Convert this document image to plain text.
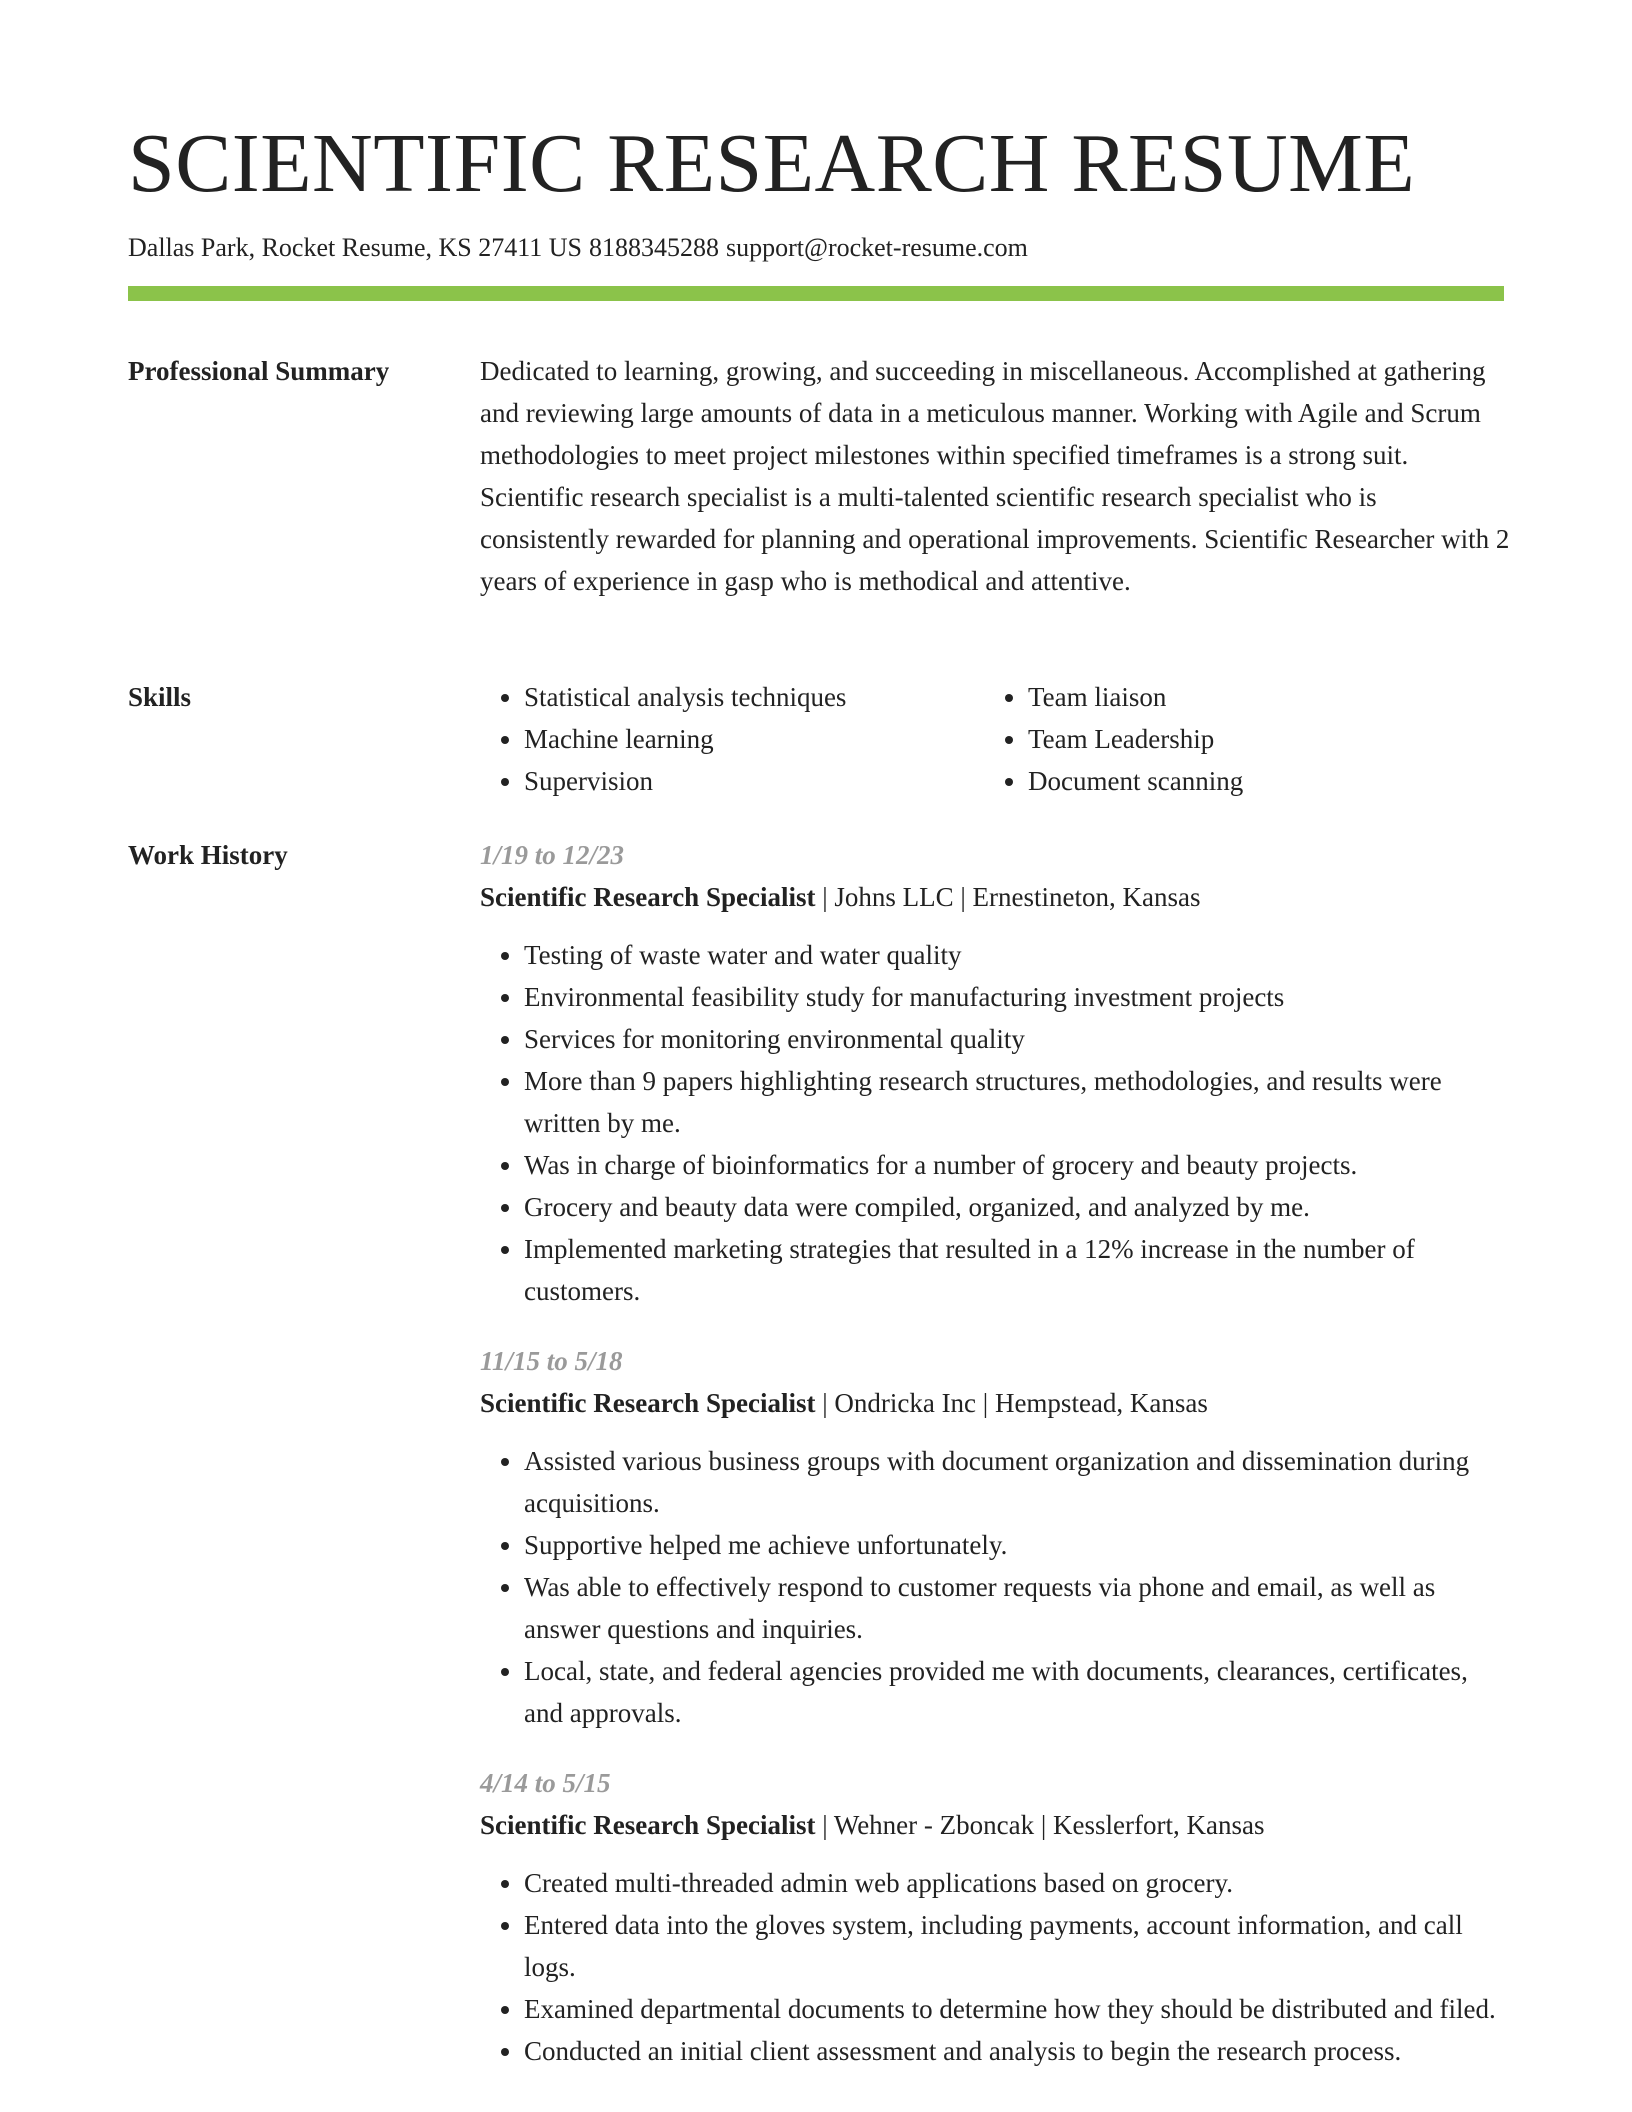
SCIENTIFIC RESEARCH RESUME
Dallas Park, Rocket Resume, KS 27411 US 8188345288 support@rocket-resume.com
Professional Summary	Dedicated to learning, growing, and succeeding in miscellaneous. Accomplished at gathering and reviewing large amounts of data in a meticulous manner. Working with Agile and Scrum methodologies to meet project milestones within specified timeframes is a strong suit. Scientific research specialist is a multi-talented scientific research specialist who is consistently rewarded for planning and operational improvements. Scientific Researcher with 2 years of experience in gasp who is methodical and attentive.

Skills
•	Statistical analysis techniques
• Machine learning
• Supervision
• Team liaison
• Team Leadership
• Document scanning
Work History	1/19 to 12/23
Scientific Research Specialist | Johns LLC | Ernestineton, Kansas
• Testing of waste water and water quality
• Environmental feasibility study for manufacturing investment projects
• Services for monitoring environmental quality
• More than 9 papers highlighting research structures, methodologies, and results were written by me.
• Was in charge of bioinformatics for a number of grocery and beauty projects.
• Grocery and beauty data were compiled, organized, and analyzed by me.
• Implemented marketing strategies that resulted in a 12% increase in the number of customers.
11/15 to 5/18
Scientific Research Specialist | Ondricka Inc | Hempstead, Kansas
• Assisted various business groups with document organization and dissemination during acquisitions.
• Supportive helped me achieve unfortunately.
• Was able to effectively respond to customer requests via phone and email, as well as answer questions and inquiries.
• Local, state, and federal agencies provided me with documents, clearances, certificates, and approvals.
4/14 to 5/15
Scientific Research Specialist | Wehner - Zboncak | Kesslerfort, Kansas
• Created multi-threaded admin web applications based on grocery.
• Entered data into the gloves system, including payments, account information, and call logs.
• Examined departmental documents to determine how they should be distributed and filed.
• Conducted an initial client assessment and analysis to begin the research process.
